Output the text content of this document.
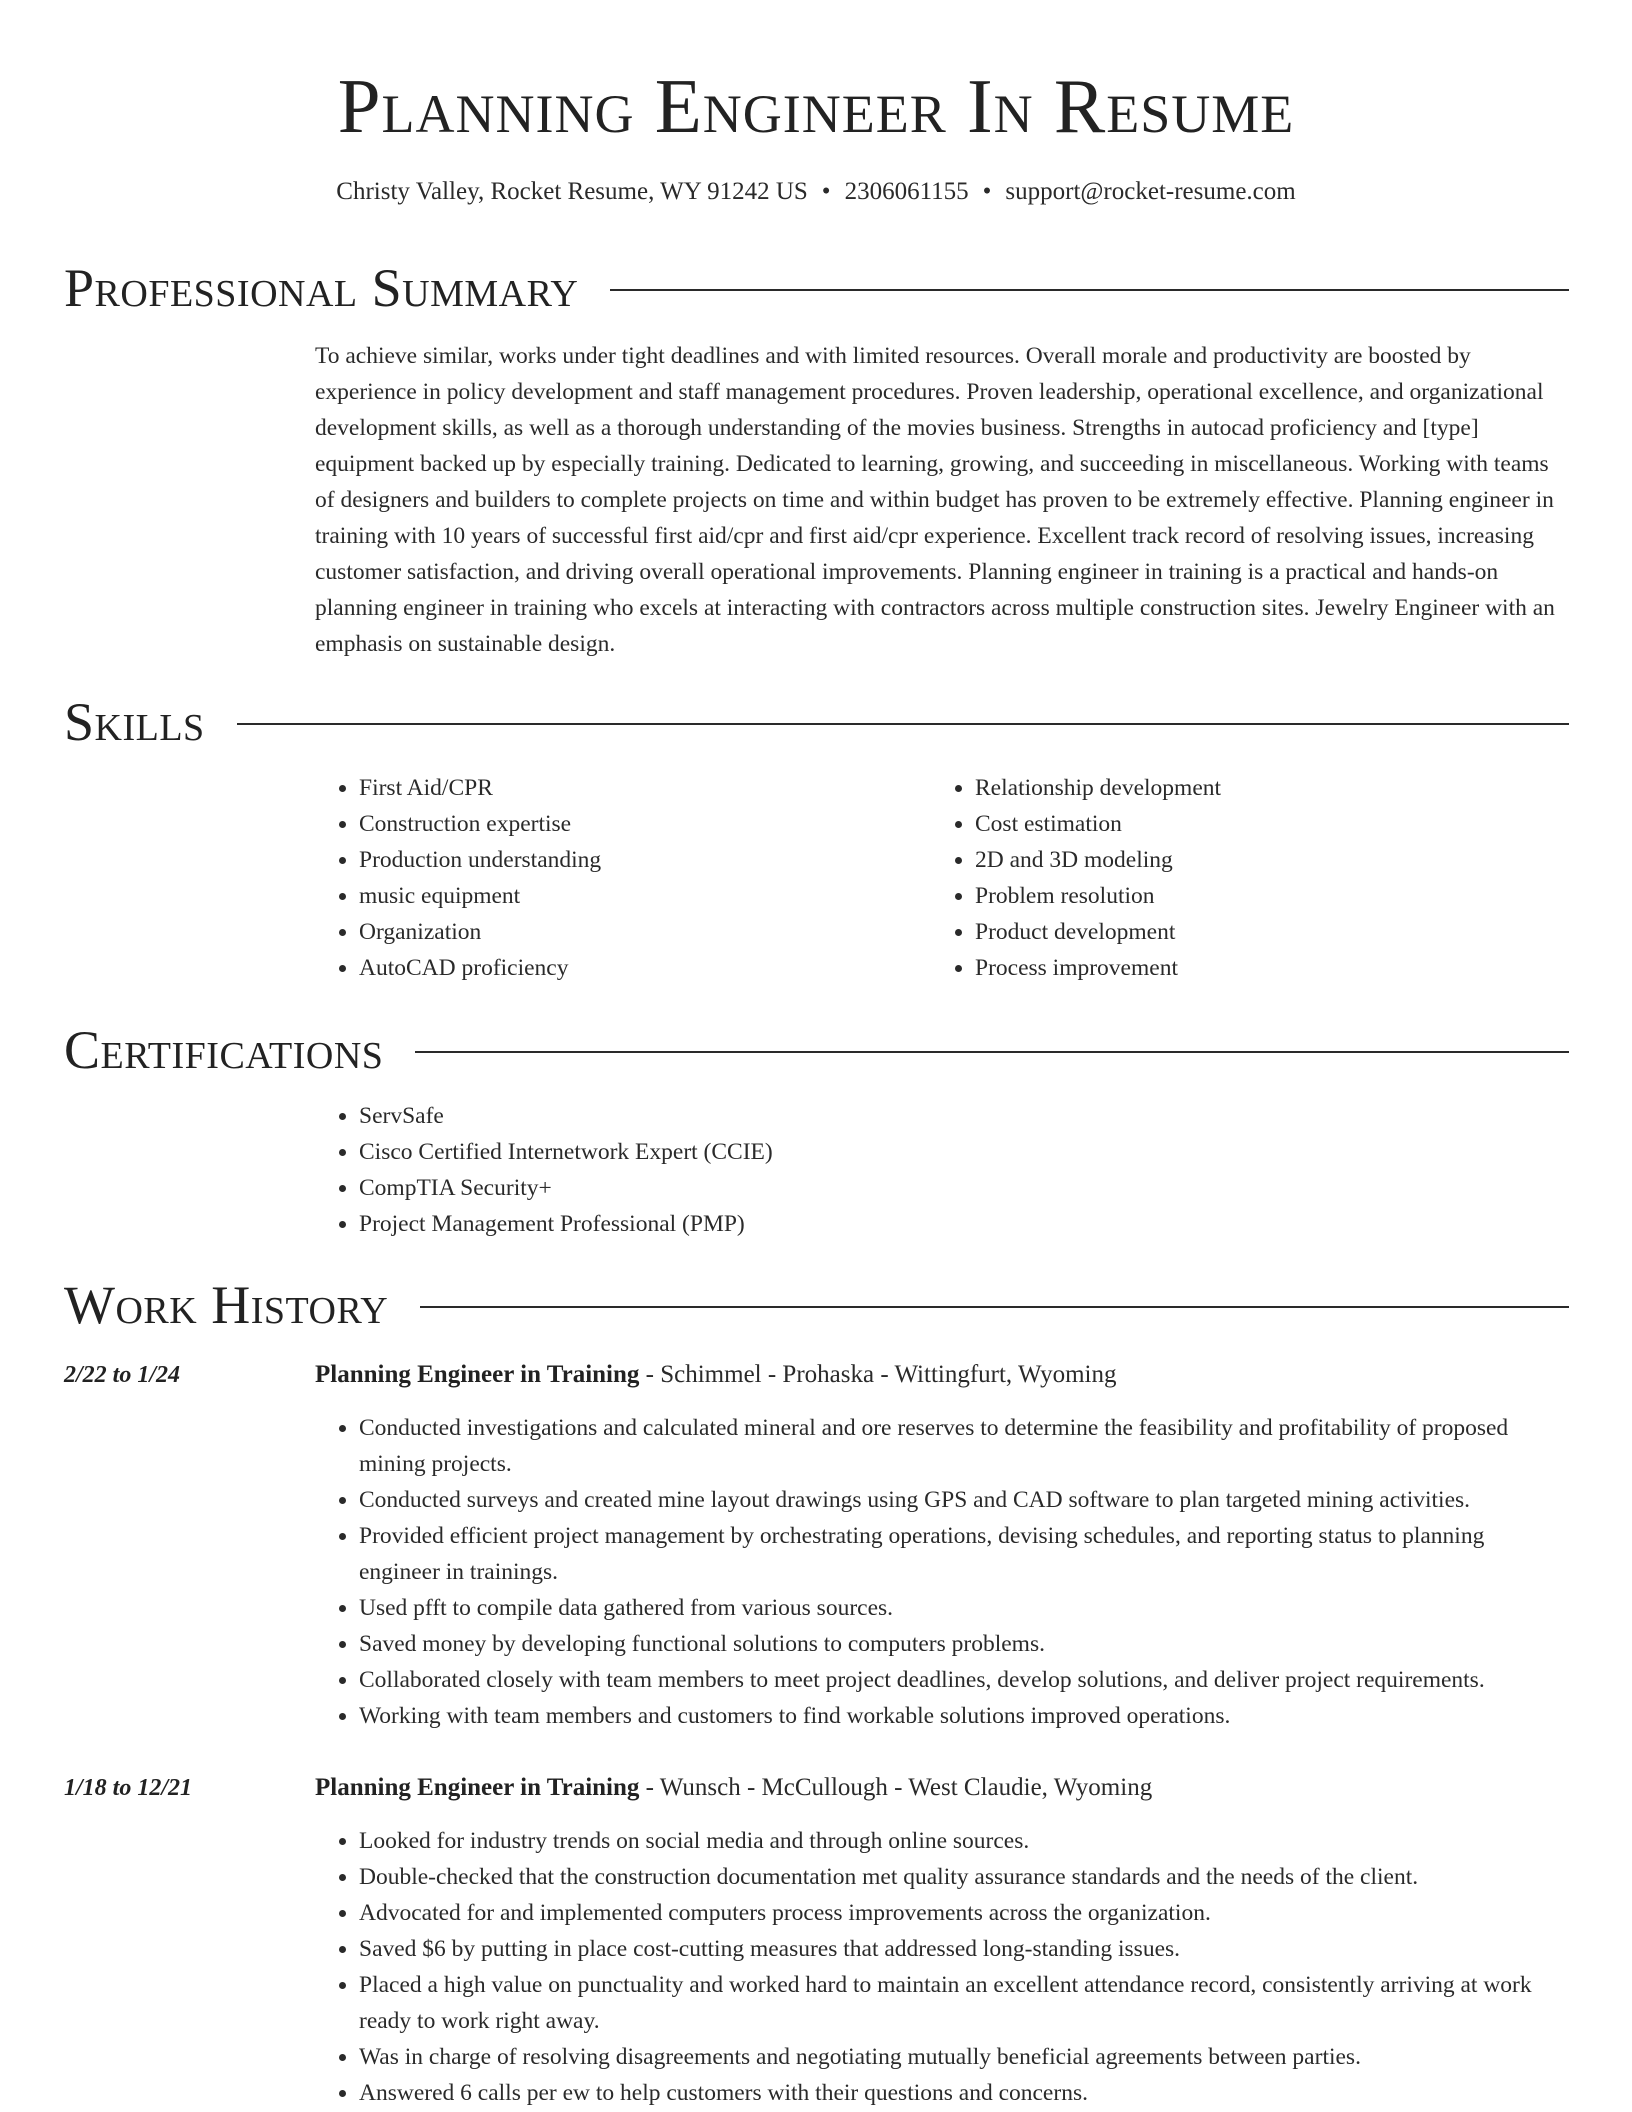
Planning Engineer In Resume
Christy Valley, Rocket Resume, WY 91242 US • 2306061155 • support@rocket-resume.com
Professional Summary
To achieve similar, works under tight deadlines and with limited resources. Overall morale and productivity are boosted by experience in policy development and staff management procedures. Proven leadership, operational excellence, and organizational development skills, as well as a thorough understanding of the movies business. Strengths in autocad proficiency and [type] equipment backed up by especially training. Dedicated to learning, growing, and succeeding in miscellaneous. Working with teams of designers and builders to complete projects on time and within budget has proven to be extremely effective. Planning engineer in training with 10 years of successful first aid/cpr and first aid/cpr experience. Excellent track record of resolving issues, increasing customer satisfaction, and driving overall operational improvements. Planning engineer in training is a practical and hands-on planning engineer in training who excels at interacting with contractors across multiple construction sites. Jewelry Engineer with an emphasis on sustainable design.
Skills
• First Aid/CPR
• Construction expertise
• Production understanding
• music equipment
• Organization
• AutoCAD proficiency
• Relationship development
• Cost estimation
• 2D and 3D modeling
• Problem resolution
• Product development
• Process improvement
Certifications
• ServSafe
• Cisco Certified Internetwork Expert (CCIE)
• CompTIA Security+
• Project Management Professional (PMP)
Work History
2/22 to 1/24	Planning Engineer in Training - Schimmel - Prohaska - Wittingfurt, Wyoming
• Conducted investigations and calculated mineral and ore reserves to determine the feasibility and profitability of proposed mining projects.
• Conducted surveys and created mine layout drawings using GPS and CAD software to plan targeted mining activities.
• Provided efficient project management by orchestrating operations, devising schedules, and reporting status to planning engineer in trainings.
• Used pfft to compile data gathered from various sources.
• Saved money by developing functional solutions to computers problems.
• Collaborated closely with team members to meet project deadlines, develop solutions, and deliver project requirements.
• Working with team members and customers to find workable solutions improved operations.
1/18 to 12/21	Planning Engineer in Training - Wunsch - McCullough - West Claudie, Wyoming
• Looked for industry trends on social media and through online sources.
• Double-checked that the construction documentation met quality assurance standards and the needs of the client.
• Advocated for and implemented computers process improvements across the organization.
• Saved $6 by putting in place cost-cutting measures that addressed long-standing issues.
• Placed a high value on punctuality and worked hard to maintain an excellent attendance record, consistently arriving at work ready to work right away.
• Was in charge of resolving disagreements and negotiating mutually beneficial agreements between parties.
• Answered 6 calls per ew to help customers with their questions and concerns.
